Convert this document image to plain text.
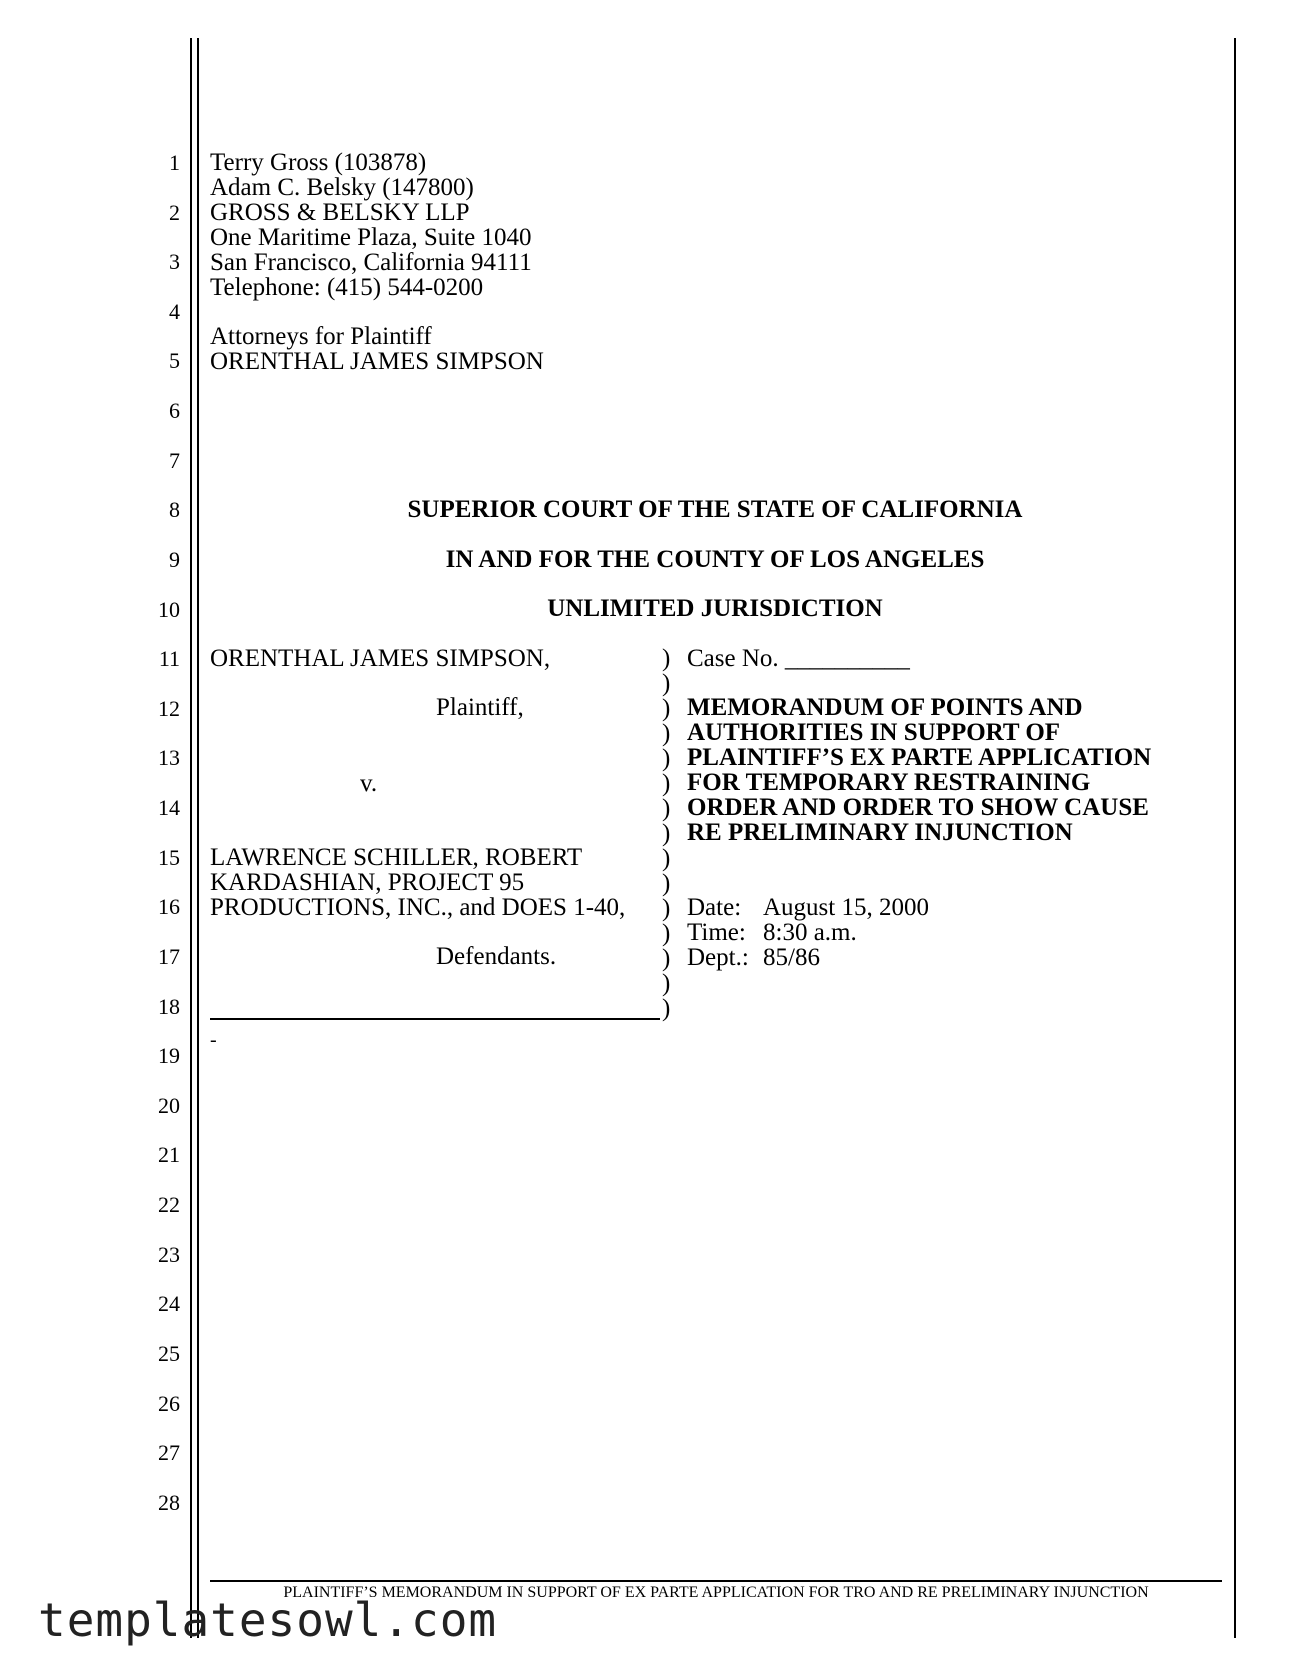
1
2
3
4
5
6
7
8
9
10
11
12
13
14
15
16
17
18
19
20
21
22
23
24
25
26
27
28
Terry Gross (103878)
Adam C. Belsky (147800)
GROSS & BELSKY LLP
One Maritime Plaza, Suite 1040
San Francisco, California 94111
Telephone: (415) 544-0200
Attorneys for Plaintiff
ORENTHAL JAMES SIMPSON
SUPERIOR COURT OF THE STATE OF CALIFORNIA
IN AND FOR THE COUNTY OF LOS ANGELES
UNLIMITED JURISDICTION
ORENTHAL JAMES SIMPSON,
Plaintiff,
v.
LAWRENCE SCHILLER, ROBERT
KARDASHIAN, PROJECT 95
PRODUCTIONS, INC., and DOES 1-40,
Defendants.
-
)
)
)
)
)
)
)
)
)
)
)
)
)
)
)
Case No. __________
MEMORANDUM OF POINTS AND
AUTHORITIES IN SUPPORT OF
PLAINTIFF’S EX PARTE APPLICATION
FOR TEMPORARY RESTRAINING
ORDER AND ORDER TO SHOW CAUSE
RE PRELIMINARY INJUNCTION
Date: August 15, 2000
Time: 8:30 a.m.
Dept.: 85/86
PLAINTIFF’S MEMORANDUM IN SUPPORT OF EX PARTE APPLICATION FOR TRO AND RE PRELIMINARY INJUNCTION
templatesowl.com
